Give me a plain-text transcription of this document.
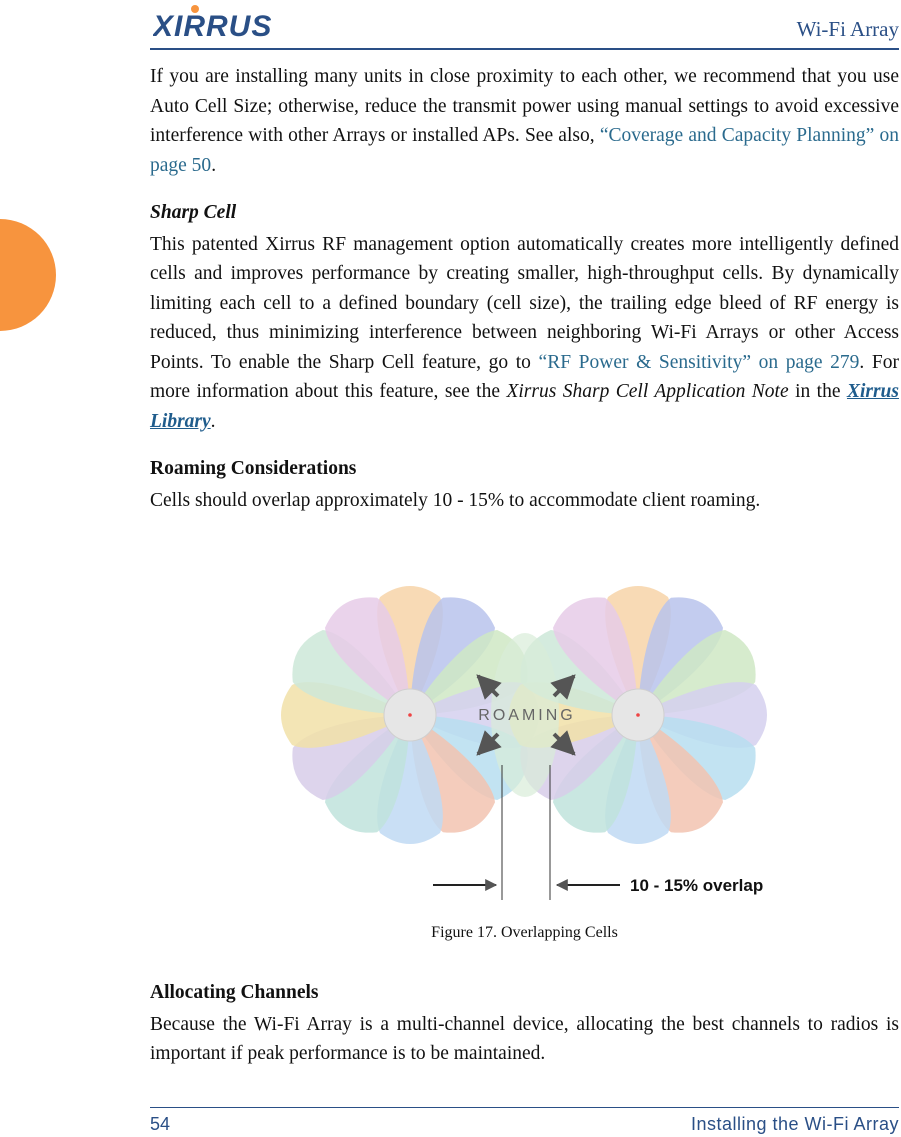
XIRRUS	Wi-Fi Array

If you are installing many units in close proximity to each other, we recommend that you use Auto Cell Size; otherwise, reduce the transmit power using manual settings to avoid excessive interference with other Arrays or installed APs. See also, “Coverage and Capacity Planning” on page 50.

Sharp Cell

This patented Xirrus RF management option automatically creates more intelligently defined cells and improves performance by creating smaller, high-throughput cells. By dynamically limiting each cell to a defined boundary (cell size), the trailing edge bleed of RF energy is reduced, thus minimizing interference between neighboring Wi-Fi Arrays or other Access Points. To enable the Sharp Cell feature, go to “RF Power & Sensitivity” on page 279. For more information about this feature, see the Xirrus Sharp Cell Application Note in the Xirrus Library.

Roaming Considerations

Cells should overlap approximately 10 - 15% to accommodate client roaming.

ROAMING
10 - 15% overlap
Figure 17. Overlapping Cells
Allocating Channels

Because the Wi-Fi Array is a multi-channel device, allocating the best channels to radios is important if peak performance is to be maintained.

54	Installing the Wi-Fi Array
